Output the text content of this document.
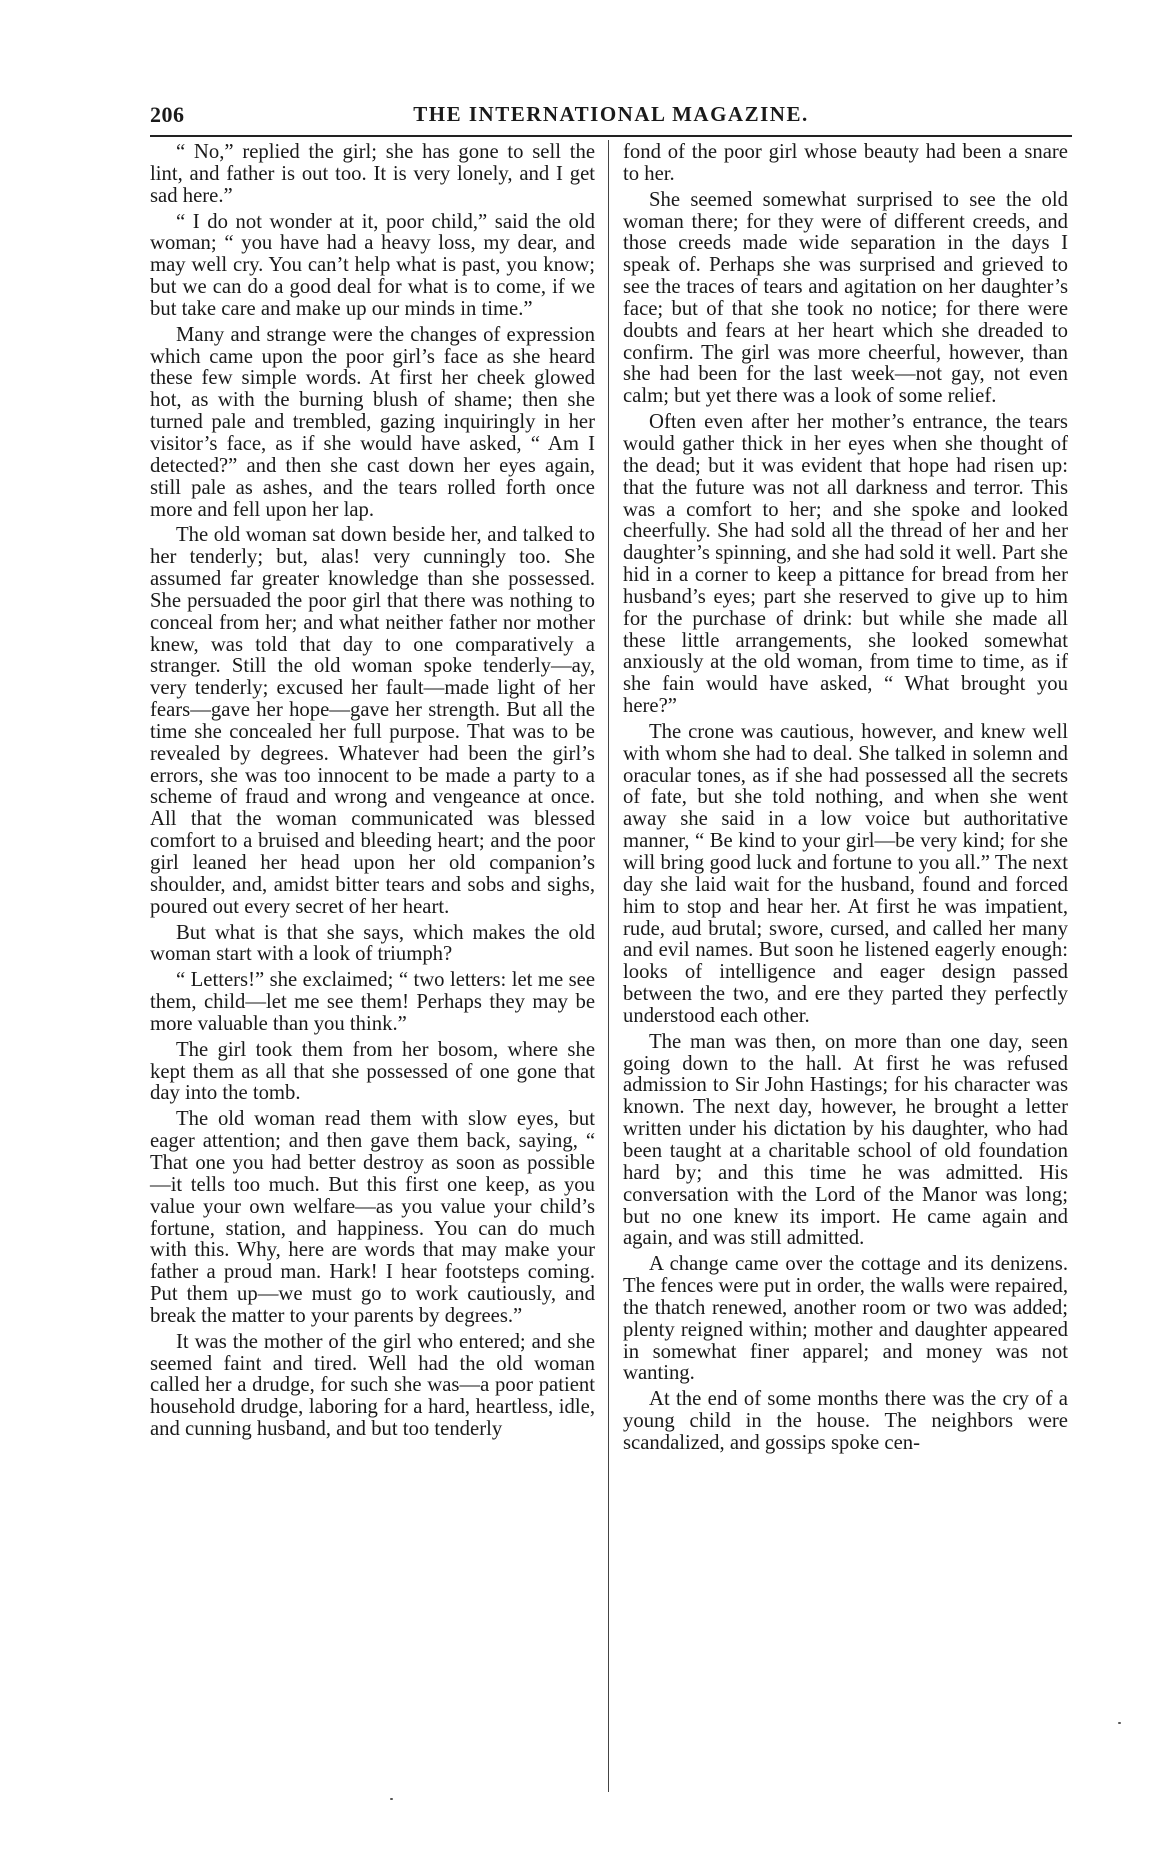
206	THE INTERNATIONAL MAGAZINE.

“ No,” replied the girl; she has gone to sell the lint, and father is out too. It is very lonely, and I get sad here.”

“ I do not wonder at it, poor child,” said the old woman; “ you have had a heavy loss, my dear, and may well cry. You can’t help what is past, you know; but we can do a good deal for what is to come, if we but take care and make up our minds in time.”

Many and strange were the changes of expression which came upon the poor girl’s face as she heard these few simple words. At first her cheek glowed hot, as with the burning blush of shame; then she turned pale and trembled, gazing inquiringly in her visitor’s face, as if she would have asked, “ Am I detected?” and then she cast down her eyes again, still pale as ashes, and the tears rolled forth once more and fell upon her lap.

The old woman sat down beside her, and talked to her tenderly; but, alas! very cunningly too. She assumed far greater knowledge than she possessed. She persuaded the poor girl that there was nothing to conceal from her; and what neither father nor mother knew, was told that day to one comparatively a stranger. Still the old woman spoke tenderly—ay, very tenderly; excused her fault—made light of her fears—gave her hope—gave her strength. But all the time she concealed her full purpose. That was to be revealed by degrees. Whatever had been the girl’s errors, she was too innocent to be made a party to a scheme of fraud and wrong and vengeance at once. All that the woman communicated was blessed comfort to a bruised and bleeding heart; and the poor girl leaned her head upon her old companion’s shoulder, and, amidst bitter tears and sobs and sighs, poured out every secret of her heart.

But what is that she says, which makes the old woman start with a look of triumph?

“ Letters!” she exclaimed; “ two letters: let me see them, child—let me see them! Perhaps they may be more valuable than you think.”

The girl took them from her bosom, where she kept them as all that she possessed of one gone that day into the tomb.

The old woman read them with slow eyes, but eager attention; and then gave them back, saying, “ That one you had better destroy as soon as possible—it tells too much. But this first one keep, as you value your own welfare—as you value your child’s fortune, station, and happiness. You can do much with this. Why, here are words that may make your father a proud man. Hark! I hear footsteps coming. Put them up—we must go to work cautiously, and break the matter to your parents by degrees.”

It was the mother of the girl who entered; and she seemed faint and tired. Well had the old woman called her a drudge, for such she was—a poor patient household drudge, laboring for a hard, heartless, idle, and cunning husband, and but too tenderly

fond of the poor girl whose beauty had been a snare to her.

She seemed somewhat surprised to see the old woman there; for they were of different creeds, and those creeds made wide separation in the days I speak of. Perhaps she was surprised and grieved to see the traces of tears and agitation on her daughter’s face; but of that she took no notice; for there were doubts and fears at her heart which she dreaded to confirm. The girl was more cheerful, however, than she had been for the last week—not gay, not even calm; but yet there was a look of some relief.

Often even after her mother’s entrance, the tears would gather thick in her eyes when she thought of the dead; but it was evident that hope had risen up: that the future was not all darkness and terror. This was a comfort to her; and she spoke and looked cheerfully. She had sold all the thread of her and her daughter’s spinning, and she had sold it well. Part she hid in a corner to keep a pittance for bread from her husband’s eyes; part she reserved to give up to him for the purchase of drink: but while she made all these little arrangements, she looked somewhat anxiously at the old woman, from time to time, as if she fain would have asked, “ What brought you here?”

The crone was cautious, however, and knew well with whom she had to deal. She talked in solemn and oracular tones, as if she had possessed all the secrets of fate, but she told nothing, and when she went away she said in a low voice but authoritative manner, “ Be kind to your girl—be very kind; for she will bring good luck and fortune to you all.” The next day she laid wait for the husband, found and forced him to stop and hear her. At first he was impatient, rude, aud brutal; swore, cursed, and called her many and evil names. But soon he listened eagerly enough: looks of intelligence and eager design passed between the two, and ere they parted they perfectly understood each other.

The man was then, on more than one day, seen going down to the hall. At first he was refused admission to Sir John Hastings; for his character was known. The next day, however, he brought a letter written under his dictation by his daughter, who had been taught at a charitable school of old foundation hard by; and this time he was admitted. His conversation with the Lord of the Manor was long; but no one knew its import. He came again and again, and was still admitted.

A change came over the cottage and its denizens. The fences were put in order, the walls were repaired, the thatch renewed, another room or two was added; plenty reigned within; mother and daughter appeared in somewhat finer apparel; and money was not wanting.

At the end of some months there was the cry of a young child in the house. The neighbors were scandalized, and gossips spoke cen-
